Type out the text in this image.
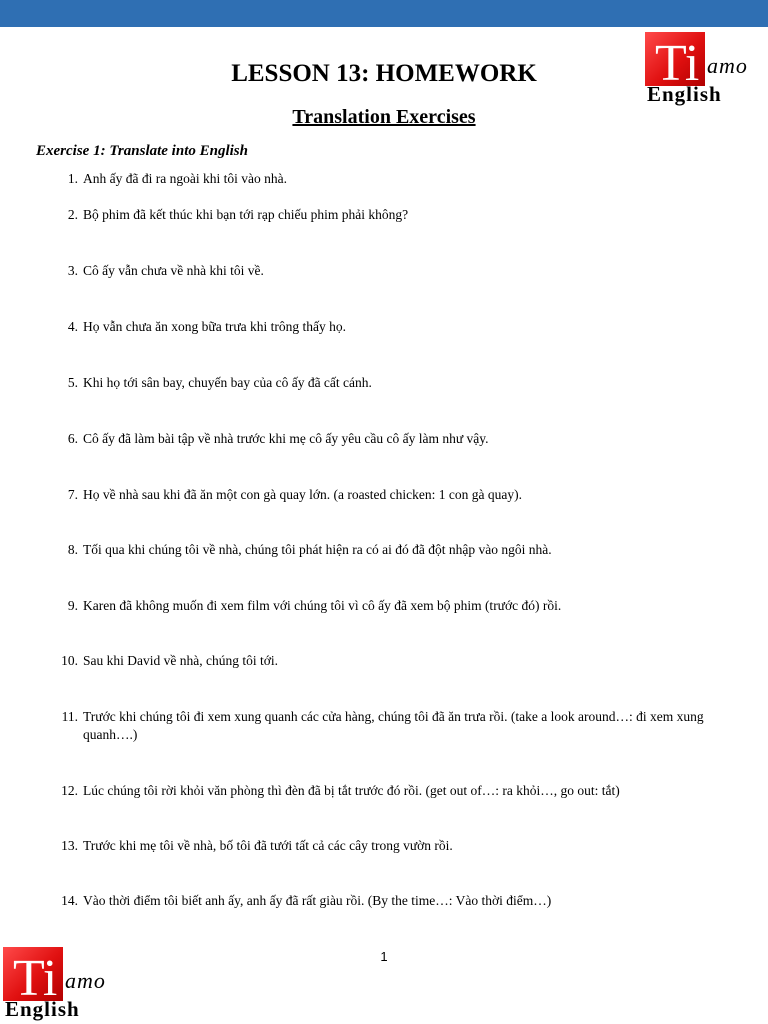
Ti amo
English
LESSON 13: HOMEWORK
Translation Exercises
Exercise 1: Translate into English
1. Anh ấy đã đi ra ngoài khi tôi vào nhà.
2. Bộ phim đã kết thúc khi bạn tới rạp chiếu phim phải không?
3. Cô ấy vẫn chưa về nhà khi tôi về.
4. Họ vẫn chưa ăn xong bữa trưa khi trông thấy họ.
5. Khi họ tới sân bay, chuyến bay của cô ấy đã cất cánh.
6. Cô ấy đã làm bài tập về nhà trước khi mẹ cô ấy yêu cầu cô ấy làm như vậy.
7. Họ về nhà sau khi đã ăn một con gà quay lớn. (a roasted chicken: 1 con gà quay).
8. Tối qua khi chúng tôi về nhà, chúng tôi phát hiện ra có ai đó đã đột nhập vào ngôi nhà.
9. Karen đã không muốn đi xem film với chúng tôi vì cô ấy đã xem bộ phim (trước đó) rồi.
10. Sau khi David về nhà, chúng tôi tới.
11. Trước khi chúng tôi đi xem xung quanh các cửa hàng, chúng tôi đã ăn trưa rồi. (take a look around…: đi xem xung quanh….)
12. Lúc chúng tôi rời khỏi văn phòng thì đèn đã bị tắt trước đó rồi. (get out of…: ra khỏi…, go out: tắt)
13. Trước khi mẹ tôi về nhà, bố tôi đã tưới tất cả các cây trong vườn rồi.
14. Vào thời điểm tôi biết anh ấy, anh ấy đã rất giàu rồi. (By the time…: Vào thời điểm…)
1
Ti amo
English
